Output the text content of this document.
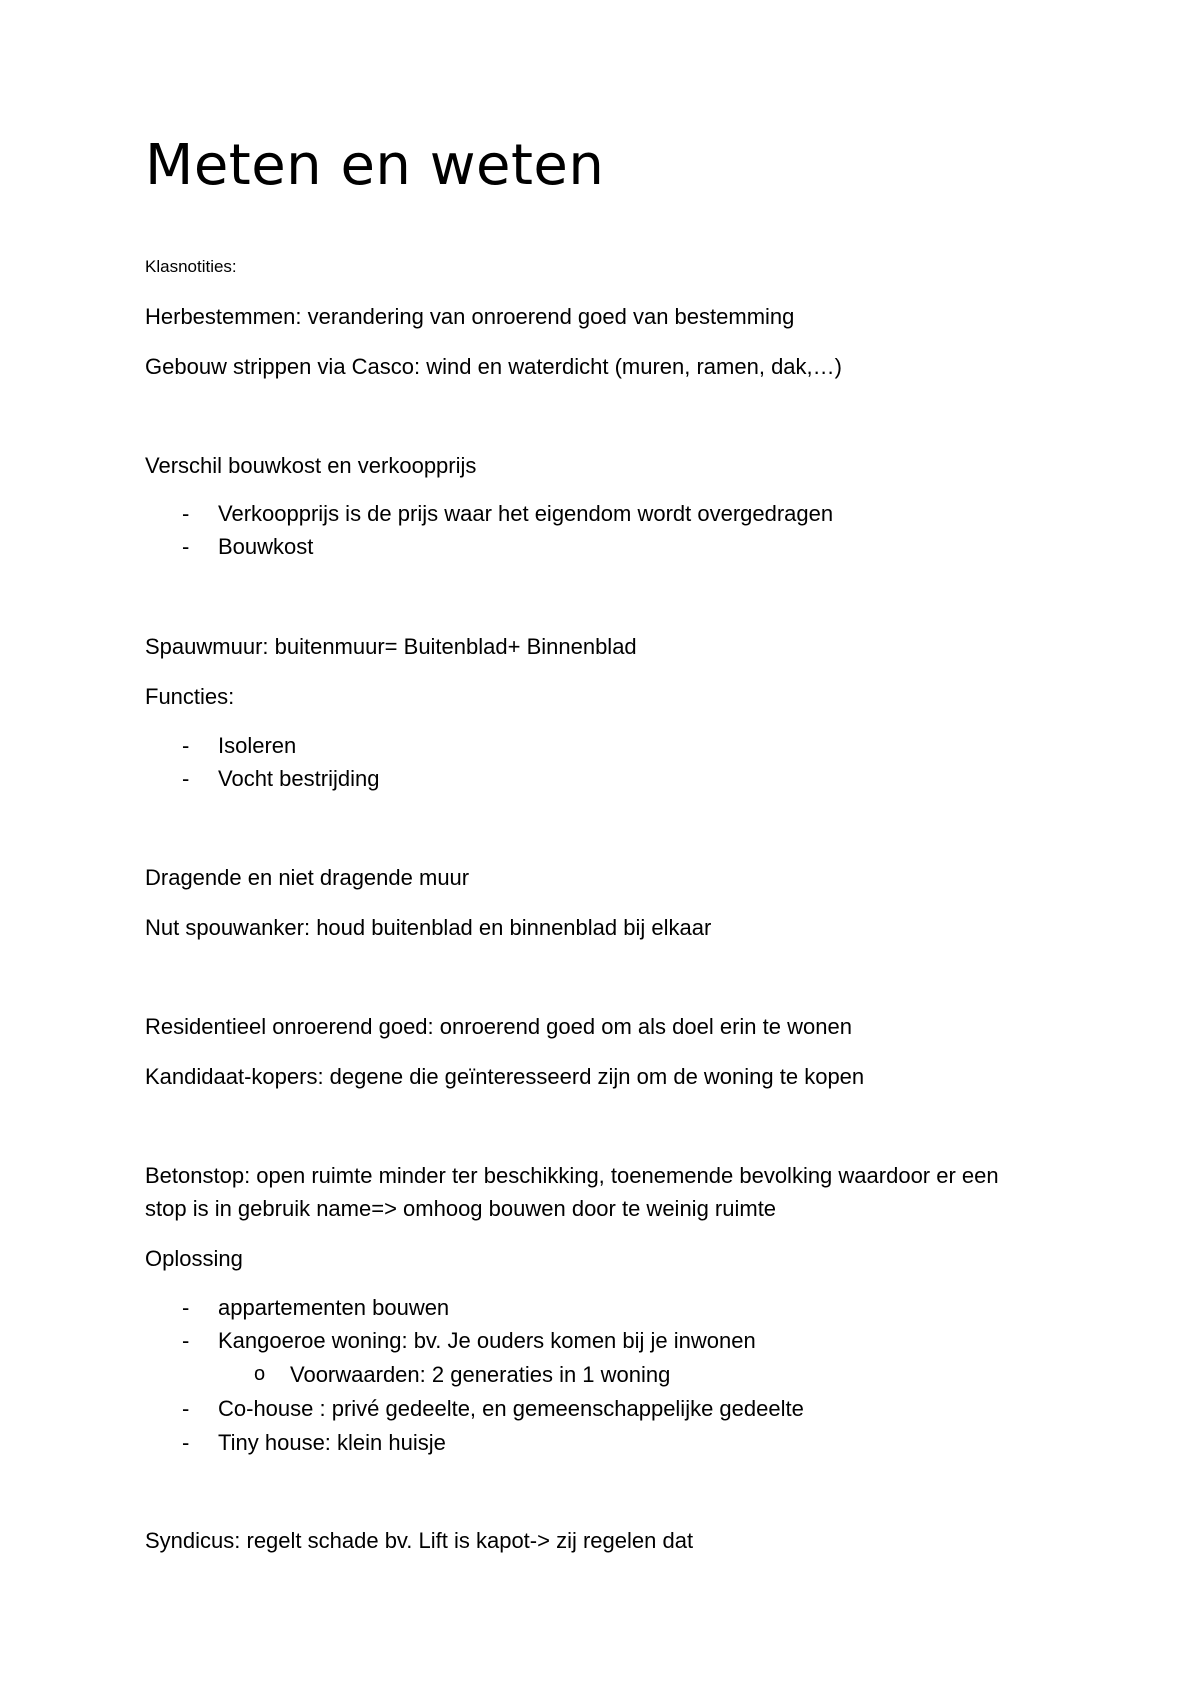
Meten en weten
Klasnotities:
Herbestemmen: verandering van onroerend goed van bestemming
Gebouw strippen via Casco: wind en waterdicht (muren, ramen, dak,…)
Verschil bouwkost en verkoopprijs
- Verkoopprijs is de prijs waar het eigendom wordt overgedragen
- Bouwkost
Spauwmuur: buitenmuur= Buitenblad+ Binnenblad
Functies:
- Isoleren
- Vocht bestrijding
Dragende en niet dragende muur
Nut spouwanker: houd buitenblad en binnenblad bij elkaar
Residentieel onroerend goed: onroerend goed om als doel erin te wonen
Kandidaat-kopers: degene die geïnteresseerd zijn om de woning te kopen
Betonstop: open ruimte minder ter beschikking, toenemende bevolking waardoor er een
stop is in gebruik name=> omhoog bouwen door te weinig ruimte
Oplossing
- appartementen bouwen
- Kangoeroe woning: bv. Je ouders komen bij je inwonen
o Voorwaarden: 2 generaties in 1 woning
- Co-house : privé gedeelte, en gemeenschappelijke gedeelte
- Tiny house: klein huisje
Syndicus: regelt schade bv. Lift is kapot-> zij regelen dat
